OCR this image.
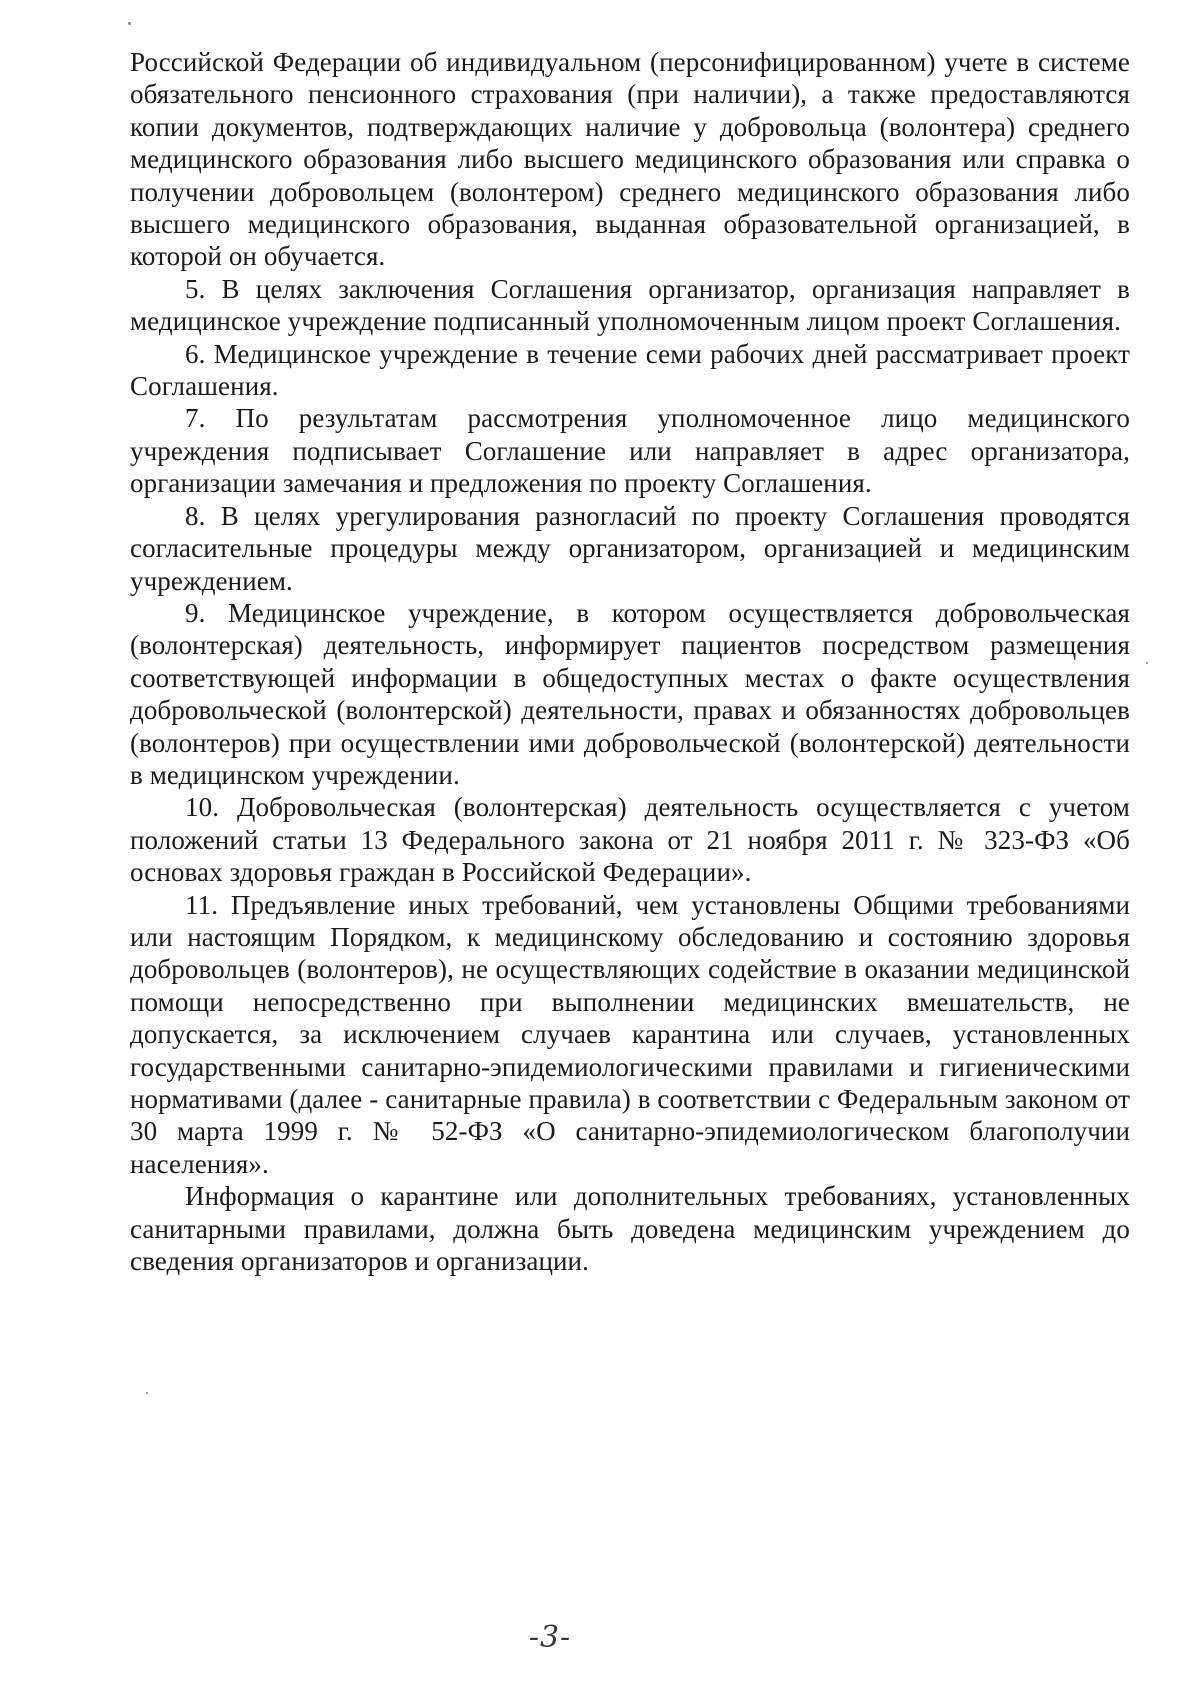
Российской Федерации об индивидуальном (персонифицированном) учете в системе обязательного пенсионного страхования (при наличии), а также предоставляются копии документов, подтверждающих наличие у добровольца (волонтера) среднего медицинского образования либо высшего медицинского образования или справка о получении добровольцем (волонтером) среднего медицинского образования либо высшего медицинского образования, выданная образовательной организацией, в которой он обучается.

5. В целях заключения Соглашения организатор, организация направляет в медицинское учреждение подписанный уполномоченным лицом проект Соглашения.

6. Медицинское учреждение в течение семи рабочих дней рассматривает проект Соглашения.

7. По результатам рассмотрения уполномоченное лицо медицинского учреждения подписывает Соглашение или направляет в адрес организатора, организации замечания и предложения по проекту Соглашения.

8. В целях урегулирования разногласий по проекту Соглашения проводятся согласительные процедуры между организатором, организацией и медицинским учреждением.

9. Медицинское учреждение, в котором осуществляется добровольческая (волонтерская) деятельность, информирует пациентов посредством размещения соответствующей информации в общедоступных местах о факте осуществления добровольческой (волонтерской) деятельности, правах и обязанностях добровольцев (волонтеров) при осуществлении ими добровольческой (волонтерской) деятельности в медицинском учреждении.

10. Добровольческая (волонтерская) деятельность осуществляется с учетом положений статьи 13 Федерального закона от 21 ноября 2011 г. № 323-ФЗ «Об основах здоровья граждан в Российской Федерации».

11. Предъявление иных требований, чем установлены Общими требованиями или настоящим Порядком, к медицинскому обследованию и состоянию здоровья добровольцев (волонтеров), не осуществляющих содействие в оказании медицинской помощи непосредственно при выполнении медицинских вмешательств, не допускается, за исключением случаев карантина или случаев, установленных государственными санитарно-эпидемиологическими правилами и гигиеническими нормативами (далее - санитарные правила) в соответствии с Федеральным законом от 30 марта 1999 г. № 52-ФЗ «О санитарно-эпидемиологическом благополучии населения».

Информация о карантине или дополнительных требованиях, установленных санитарными правилами, должна быть доведена медицинским учреждением до сведения организаторов и организации.

-3-
